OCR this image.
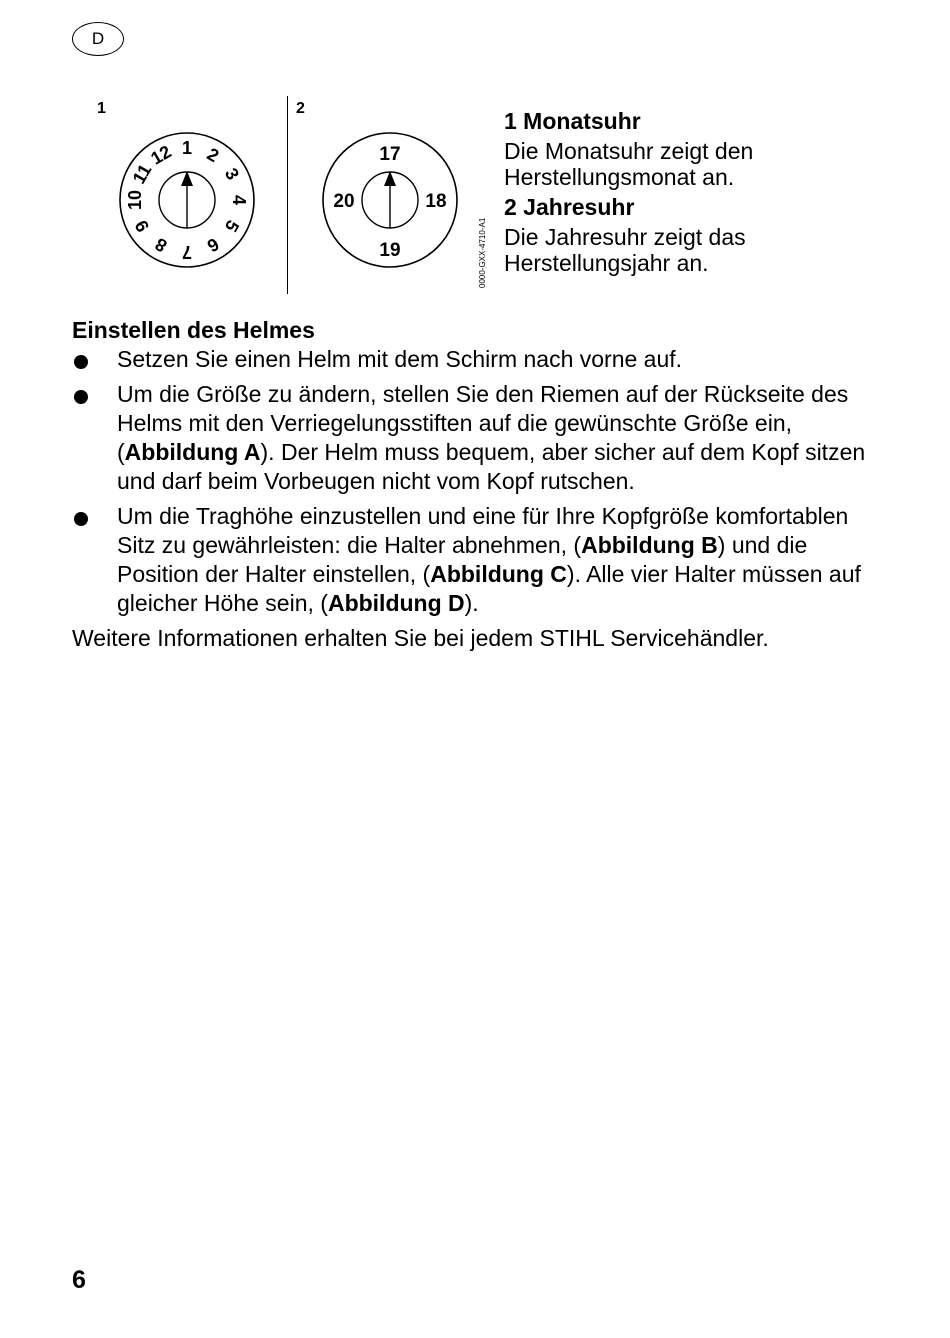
D
1	2
1 2
3
4
5
6
7
8
9
10
11
12	17
18
19
20
0000-GXX-4710-A1

1 Monatsuhr

Die Monatsuhr zeigt den Herstellungsmonat an.

2 Jahresuhr

Die Jahresuhr zeigt das Herstellungsjahr an.

Einstellen des Helmes

Setzen Sie einen Helm mit dem Schirm nach vorne auf.
Um die Größe zu ändern, stellen Sie den Riemen auf der Rückseite des Helms mit den Verriegelungsstiften auf die gewünschte Größe ein, (Abbildung A). Der Helm muss bequem, aber sicher auf dem Kopf sitzen und darf beim Vorbeugen nicht vom Kopf rutschen.
Um die Traghöhe einzustellen und eine für Ihre Kopfgröße komfortablen Sitz zu gewährleisten: die Halter abnehmen, (Abbildung B) und die Position der Halter einstellen, (Abbildung C). Alle vier Halter müssen auf gleicher Höhe sein, (Abbildung D).

Weitere Informationen erhalten Sie bei jedem STIHL Servicehändler.

6
